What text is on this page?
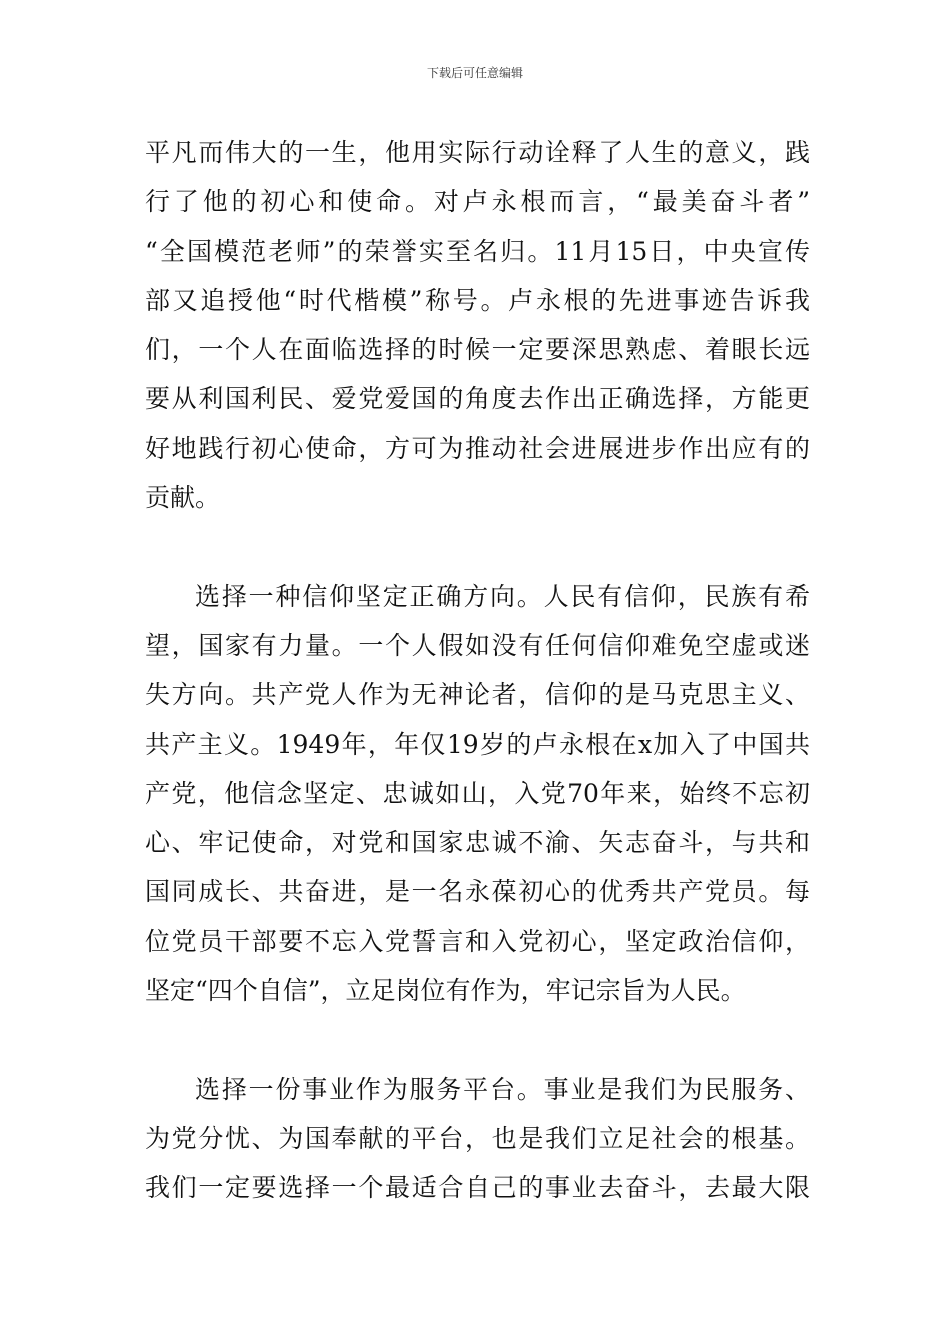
下载后可任意编辑
平凡而伟大的一生，他用实际行动诠释了人生的意义，践
行了他的初心和使命。对卢永根而言，“最美奋斗者”
“全国模范老师”的荣誉实至名归。11月15日，中央宣传
部又追授他“时代楷模”称号。卢永根的先进事迹告诉我
们，一个人在面临选择的时候一定要深思熟虑、着眼长远
要从利国利民、爱党爱国的角度去作出正确选择，方能更
好地践行初心使命，方可为推动社会进展进步作出应有的
贡献。
选择一种信仰坚定正确方向。人民有信仰，民族有希
望，国家有力量。一个人假如没有任何信仰难免空虚或迷
失方向。共产党人作为无神论者，信仰的是马克思主义、
共产主义。1949年，年仅19岁的卢永根在x加入了中国共
产党，他信念坚定、忠诚如山，入党70年来，始终不忘初
心、牢记使命，对党和国家忠诚不渝、矢志奋斗，与共和
国同成长、共奋进，是一名永葆初心的优秀共产党员。每
位党员干部要不忘入党誓言和入党初心，坚定政治信仰，
坚定“四个自信”，立足岗位有作为，牢记宗旨为人民。
选择一份事业作为服务平台。事业是我们为民服务、
为党分忧、为国奉献的平台，也是我们立足社会的根基。
我们一定要选择一个最适合自己的事业去奋斗，去最大限
